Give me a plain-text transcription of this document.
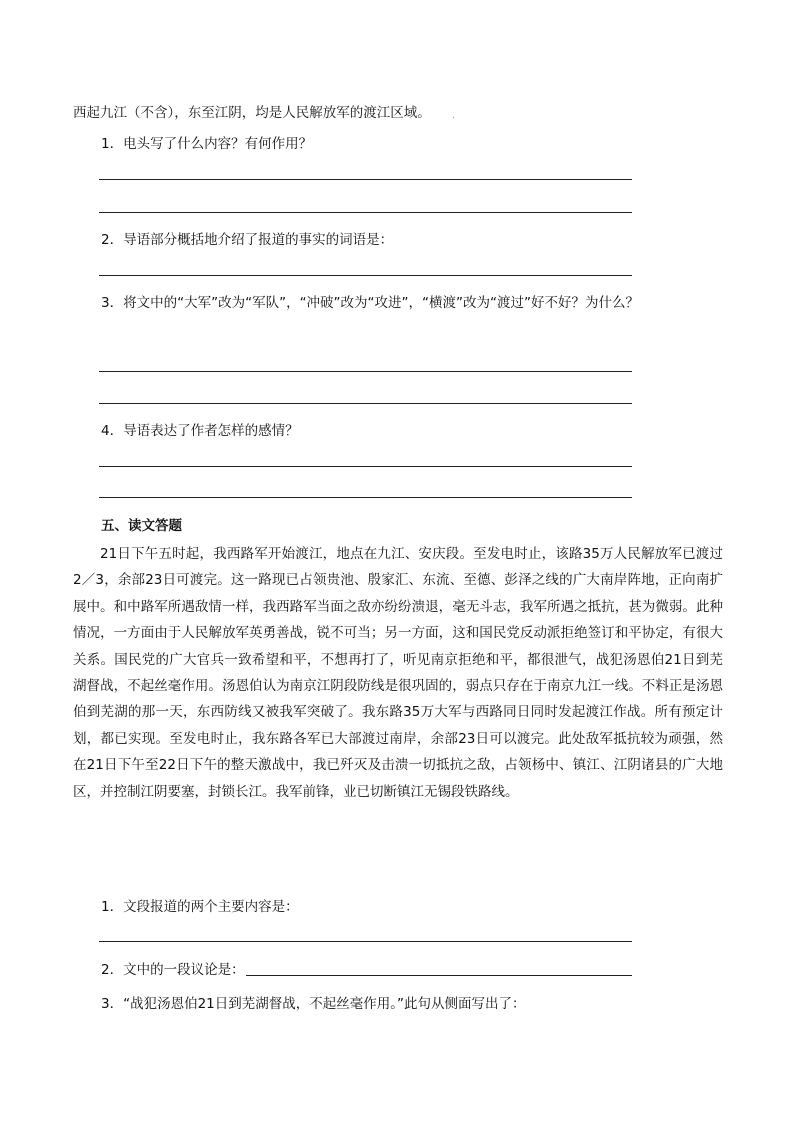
西起九江（不含），东至江阴，均是人民解放军的渡江区域。 .
1．电头写了什么内容？有何作用？
2．导语部分概括地介绍了报道的事实的词语是：
3．将文中的“大军”改为“军队”，“冲破”改为“攻进”，“横渡”改为“渡过”好不好？为什么？
4．导语表达了作者怎样的感情？
五、读文答题
21日下午五时起，我西路军开始渡江，地点在九江、安庆段。至发电时止，该路35万人民解放军已渡过2／3，余部23日可渡完。这一路现已占领贵池、殷家汇、东流、至德、彭泽之线的广大南岸阵地，正向南扩展中。和中路军所遇敌情一样，我西路军当面之敌亦纷纷溃退，毫无斗志，我军所遇之抵抗，甚为微弱。此种情况，一方面由于人民解放军英勇善战，锐不可当；另一方面，这和国民党反动派拒绝签订和平协定，有很大关系。国民党的广大官兵一致希望和平，不想再打了，听见南京拒绝和平，都很泄气，战犯汤恩伯21日到芜湖督战，不起丝毫作用。汤恩伯认为南京江阴段防线是很巩固的，弱点只存在于南京九江一线。不料正是汤恩伯到芜湖的那一天，东西防线又被我军突破了。我东路35万大军与西路同日同时发起渡江作战。所有预定计划，都已实现。至发电时止，我东路各军已大部渡过南岸，余部23日可以渡完。此处敌军抵抗较为顽强，然在21日下午至22日下午的整天激战中，我已歼灭及击溃一切抵抗之敌，占领杨中、镇江、江阴诸县的广大地区，并控制江阴要塞，封锁长江。我军前锋，业已切断镇江无锡段铁路线。
1．文段报道的两个主要内容是：
2．文中的一段议论是：
3．“战犯汤恩伯21日到芜湖督战，不起丝毫作用。”此句从侧面写出了：
